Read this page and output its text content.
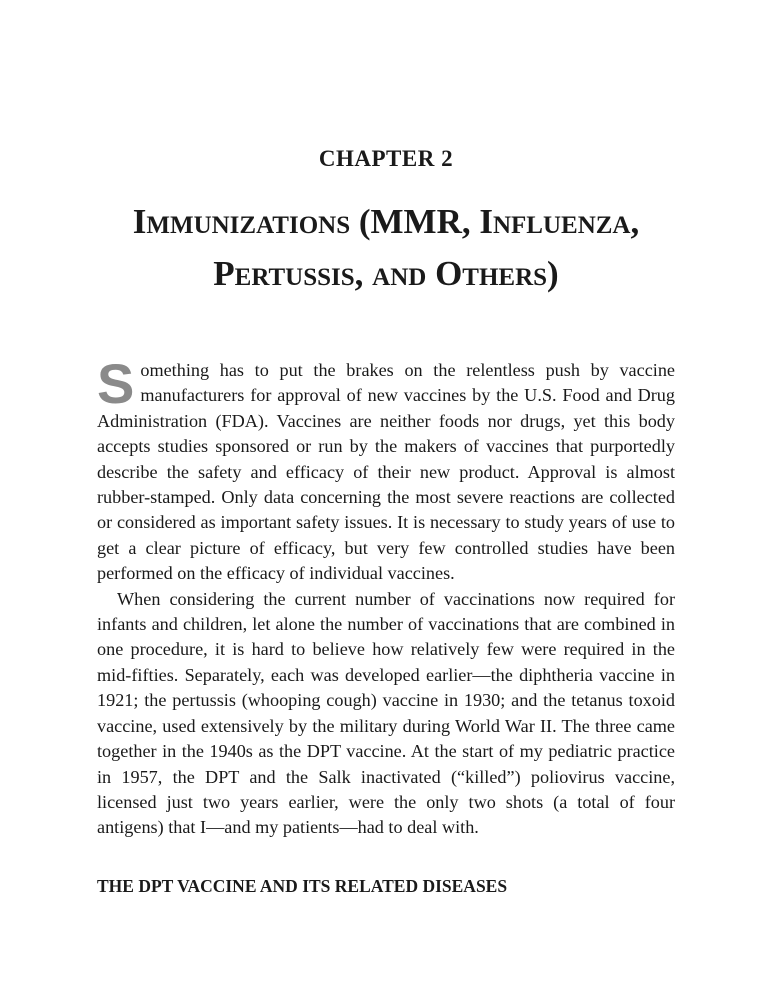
CHAPTER 2
Immunizations (MMR, Influenza, Pertussis, and Others)

Something has to put the brakes on the relentless push by vaccine manufacturers for approval of new vaccines by the U.S. Food and Drug Administration (FDA). Vaccines are neither foods nor drugs, yet this body accepts studies sponsored or run by the makers of vaccines that purportedly describe the safety and efficacy of their new product. Approval is almost rubber-stamped. Only data concerning the most severe reactions are collected or considered as important safety issues. It is necessary to study years of use to get a clear picture of efficacy, but very few controlled studies have been performed on the efficacy of individual vaccines.

When considering the current number of vaccinations now required for infants and children, let alone the number of vaccinations that are combined in one procedure, it is hard to believe how relatively few were required in the mid-fifties. Separately, each was developed earlier—the diphtheria vaccine in 1921; the pertussis (whooping cough) vaccine in 1930; and the tetanus toxoid vaccine, used extensively by the military during World War II. The three came together in the 1940s as the DPT vaccine. At the start of my pediatric practice in 1957, the DPT and the Salk inactivated (“killed”) poliovirus vaccine, licensed just two years earlier, were the only two shots (a total of four antigens) that I—and my patients—had to deal with.

THE DPT VACCINE AND ITS RELATED DISEASES
